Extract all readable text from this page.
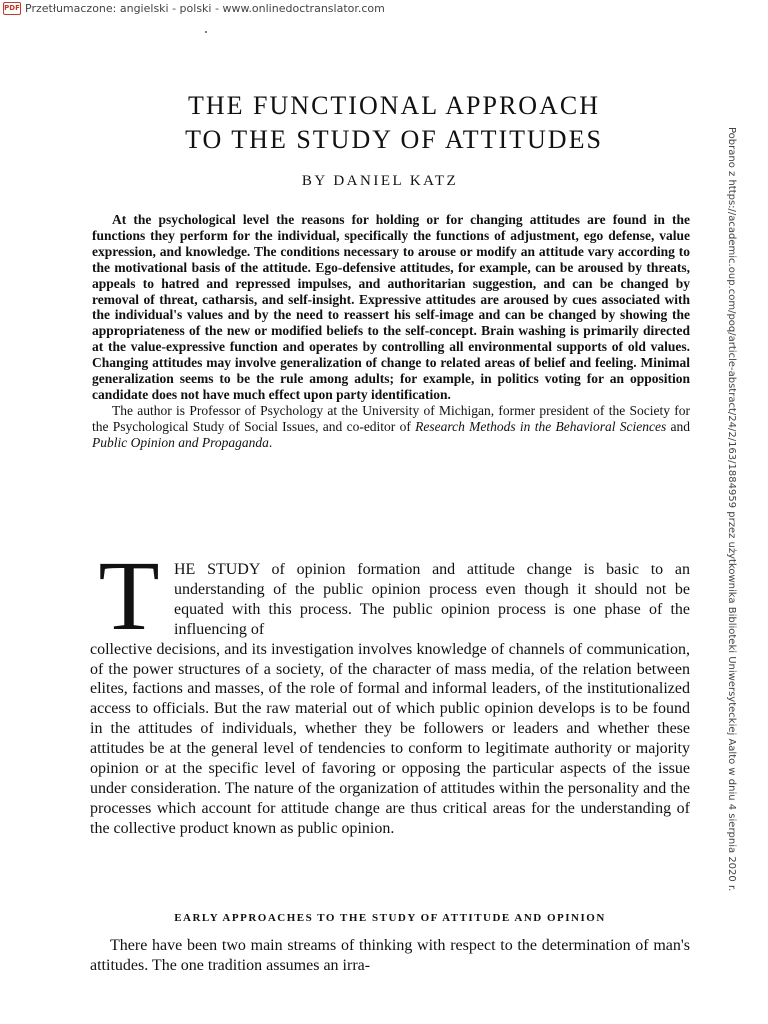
PDF Przetłumaczone: angielski - polski - www.onlinedoctranslator.com
THE FUNCTIONAL APPROACH
TO THE STUDY OF ATTITUDES
BY DANIEL KATZ

At the psychological level the reasons for holding or for changing attitudes are found in the functions they perform for the individual, specifically the functions of adjustment, ego defense, value expression, and knowledge. The conditions necessary to arouse or modify an attitude vary according to the motivational basis of the attitude. Ego-defensive attitudes, for example, can be aroused by threats, appeals to hatred and repressed impulses, and authoritarian suggestion, and can be changed by removal of threat, catharsis, and self-insight. Expressive attitudes are aroused by cues associated with the individual's values and by the need to reassert his self-image and can be changed by showing the appropriateness of the new or modified beliefs to the self-concept. Brain washing is primarily directed at the value-expressive function and operates by controlling all environmental supports of old values. Changing attitudes may involve generalization of change to related areas of belief and feeling. Minimal generalization seems to be the rule among adults; for example, in politics voting for an opposition candidate does not have much effect upon party identification.

The author is Professor of Psychology at the University of Michigan, former president of the Society for the Psychological Study of Social Issues, and co-editor of Research Methods in the Behavioral Sciences and Public Opinion and Propaganda.

T HE STUDY of opinion formation and attitude change is basic to an understanding of the public opinion process even though it should not be equated with this process. The public opinion process is one phase of the influencing of
collective decisions, and its investigation involves knowledge of channels of communication, of the power structures of a society, of the character of mass media, of the relation between elites, factions and masses, of the role of formal and informal leaders, of the institutionalized access to officials. But the raw material out of which public opinion develops is to be found in the attitudes of individuals, whether they be followers or leaders and whether these attitudes be at the general level of tendencies to conform to legitimate authority or majority opinion or at the specific level of favoring or opposing the particular aspects of the issue under consideration. The nature of the organization of attitudes within the personality and the processes which account for attitude change are thus critical areas for the understanding of the collective product known as public opinion.
EARLY APPROACHES TO THE STUDY OF ATTITUDE AND OPINION
There have been two main streams of thinking with respect to the determination of man's attitudes. The one tradition assumes an irra-
Pobrano z https://academic.oup.com/poq/article-abstract/24/2/163/1884959 przez użytkownika Biblioteki Uniwersyteckiej Aalto w dniu 4 sierpnia 2020 r.
